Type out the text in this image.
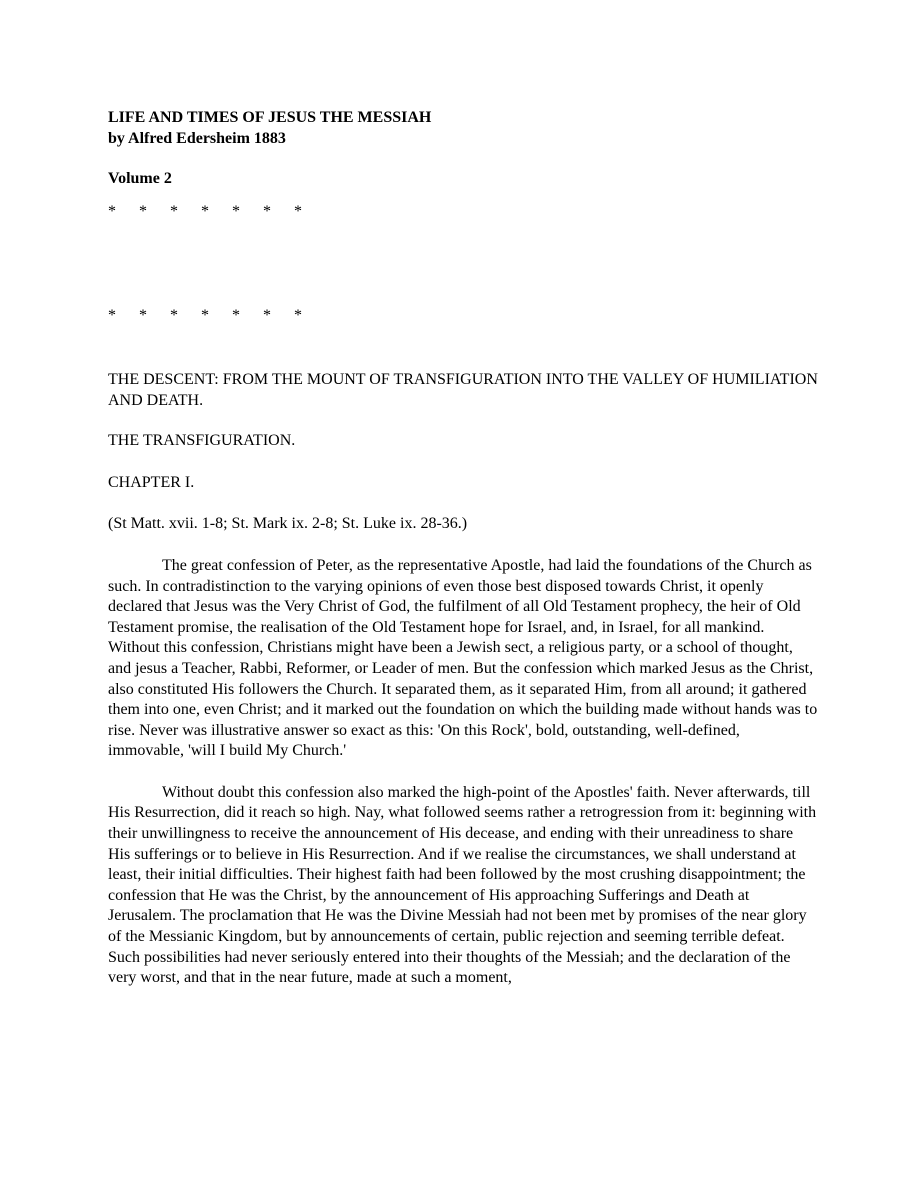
LIFE AND TIMES OF JESUS THE MESSIAH
by Alfred Edersheim 1883

Volume 2

* * * * * * *

* * * * * * *

THE DESCENT: FROM THE MOUNT OF TRANSFIGURATION INTO THE VALLEY OF HUMILIATION AND DEATH.

THE TRANSFIGURATION.

CHAPTER I.

(St Matt. xvii. 1-8; St. Mark ix. 2-8; St. Luke ix. 28-36.)

The great confession of Peter, as the representative Apostle, had laid the foundations of the Church as such. In contradistinction to the varying opinions of even those best disposed towards Christ, it openly declared that Jesus was the Very Christ of God, the fulfilment of all Old Testament prophecy, the heir of Old Testament promise, the realisation of the Old Testament hope for Israel, and, in Israel, for all mankind. Without this confession, Christians might have been a Jewish sect, a religious party, or a school of thought, and jesus a Teacher, Rabbi, Reformer, or Leader of men. But the confession which marked Jesus as the Christ, also constituted His followers the Church. It separated them, as it separated Him, from all around; it gathered them into one, even Christ; and it marked out the foundation on which the building made without hands was to rise. Never was illustrative answer so exact as this: 'On this Rock', bold, outstanding, well-defined, immovable, 'will I build My Church.'

Without doubt this confession also marked the high-point of the Apostles' faith. Never afterwards, till His Resurrection, did it reach so high. Nay, what followed seems rather a retrogression from it: beginning with their unwillingness to receive the announcement of His decease, and ending with their unreadiness to share His sufferings or to believe in His Resurrection. And if we realise the circumstances, we shall understand at least, their initial difficulties. Their highest faith had been followed by the most crushing disappointment; the confession that He was the Christ, by the announcement of His approaching Sufferings and Death at Jerusalem. The proclamation that He was the Divine Messiah had not been met by promises of the near glory of the Messianic Kingdom, but by announcements of certain, public rejection and seeming terrible defeat. Such possibilities had never seriously entered into their thoughts of the Messiah; and the declaration of the very worst, and that in the near future, made at such a moment,
